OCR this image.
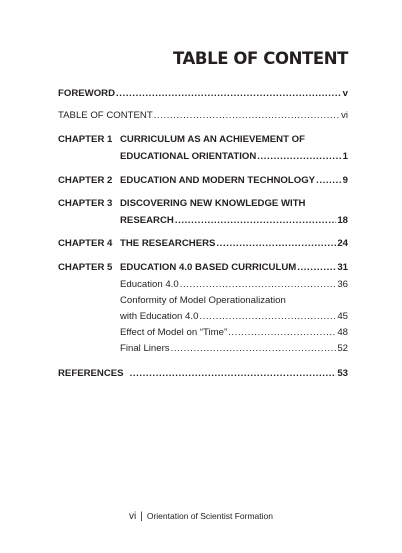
TABLE OF CONTENT
FOREWORD .....	v
TABLE OF CONTENT .....	vi
CHAPTER 1 CURRICULUM AS AN ACHIEVEMENT OF
EDUCATIONAL ORIENTATION .....	1
CHAPTER 2 EDUCATION AND MODERN TECHNOLOGY .....	9
CHAPTER 3 DISCOVERING NEW KNOWLEDGE WITH
RESEARCH .....	18
CHAPTER 4 THE RESEARCHERS .....	24
CHAPTER 5 EDUCATION 4.0 BASED CURRICULUM .....	31
Education 4.0 .....	36
Conformity of Model Operationalization
with Education 4.0 .....	45
Effect of Model on “Time” .....	48
Final Liners .....	52
REFERENCES .....	53
vi | Orientation of Scientist Formation
